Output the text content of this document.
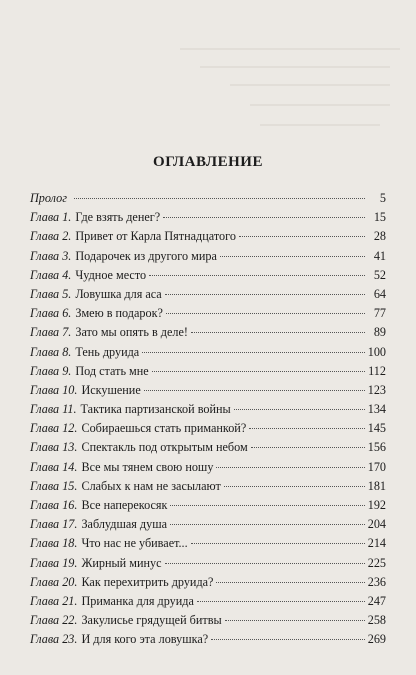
ОГЛАВЛЕНИЕ
Пролог	5
Глава 1. Где взять денег?	15
Глава 2. Привет от Карла Пятнадцатого	28
Глава 3. Подарочек из другого мира	41
Глава 4. Чудное место	52
Глава 5. Ловушка для аса	64
Глава 6. Змею в подарок?	77
Глава 7. Зато мы опять в деле!	89
Глава 8. Тень друида	100
Глава 9. Под стать мне	112
Глава 10. Искушение	123
Глава 11. Тактика партизанской войны	134
Глава 12. Собираешься стать приманкой?	145
Глава 13. Спектакль под открытым небом	156
Глава 14. Все мы тянем свою ношу	170
Глава 15. Слабых к нам не засылают	181
Глава 16. Все наперекосяк	192
Глава 17. Заблудшая душа	204
Глава 18. Что нас не убивает...	214
Глава 19. Жирный минус	225
Глава 20. Как перехитрить друида?	236
Глава 21. Приманка для друида	247
Глава 22. Закулисье грядущей битвы	258
Глава 23. И для кого эта ловушка?	269
